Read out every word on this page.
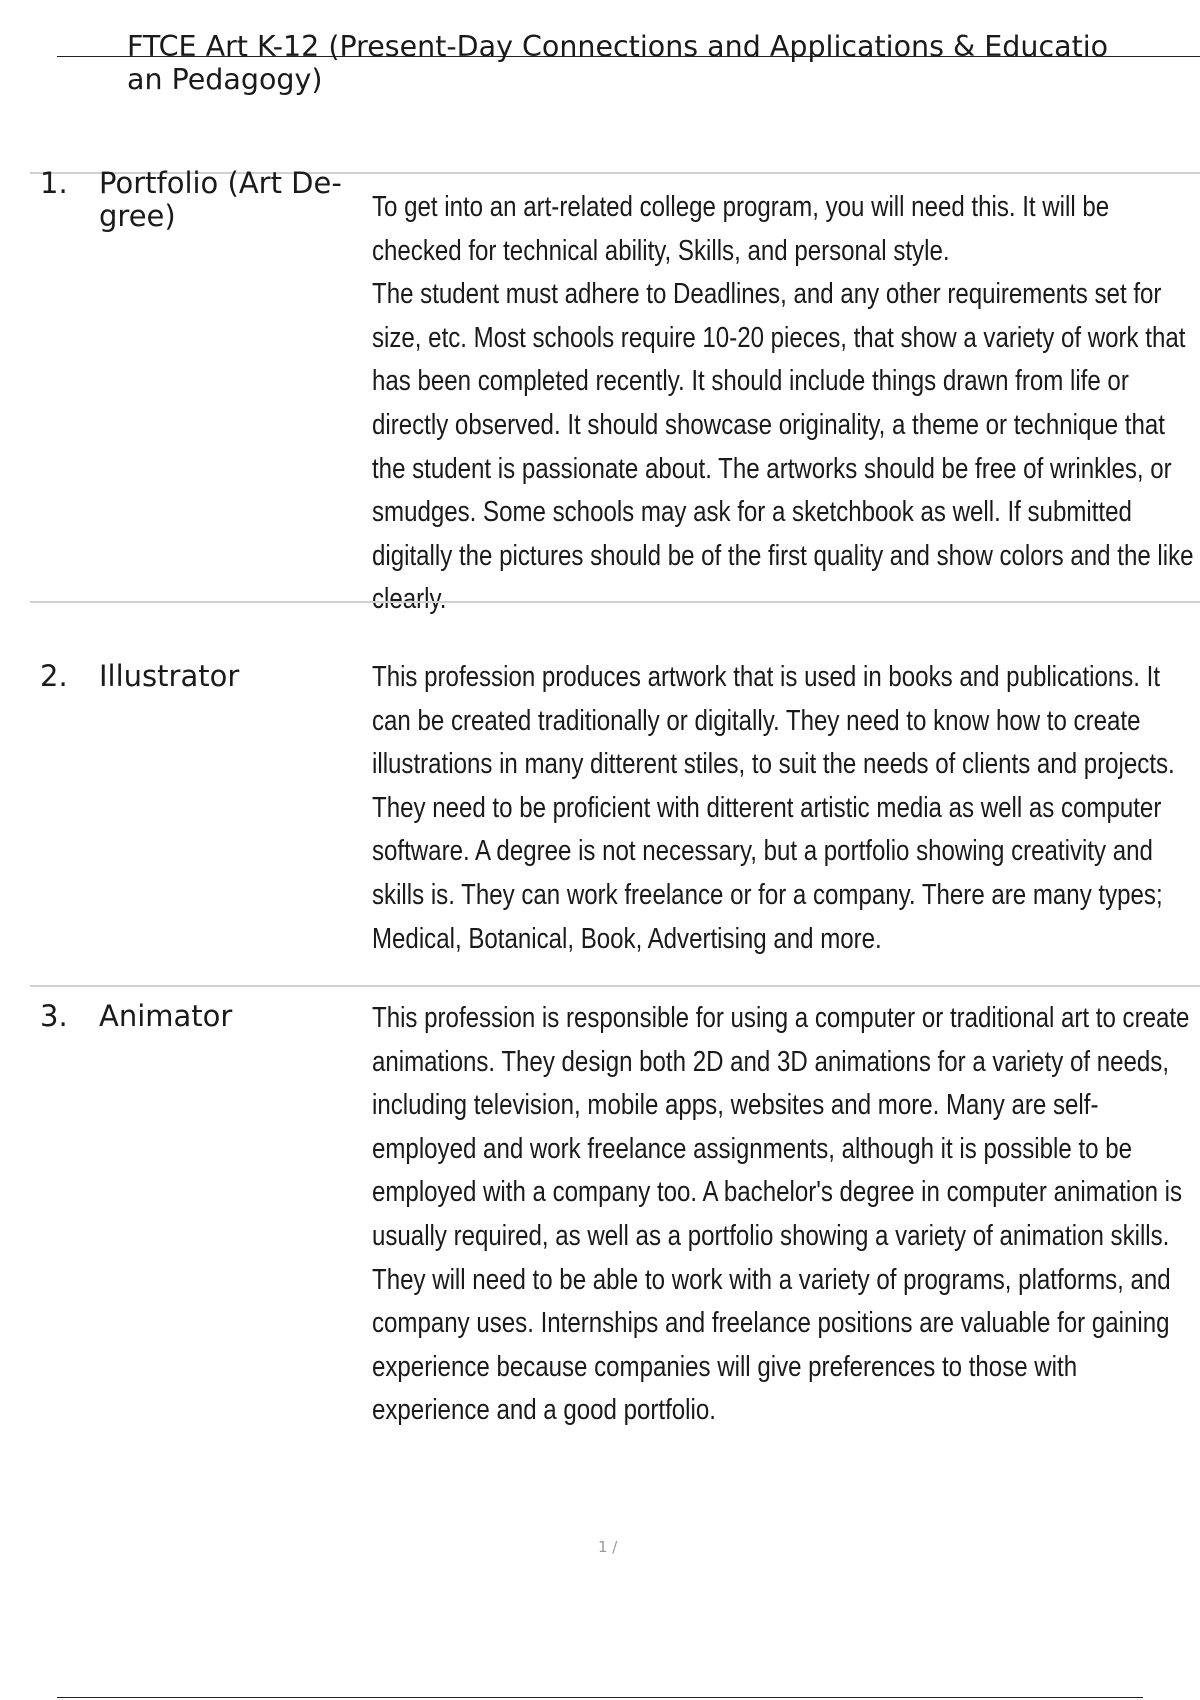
FTCE Art K-12 (Present-Day Connections and Applications & Educatio
an Pedagogy)
1. Portfolio (Art De- gree)	To get into an art-related college program, you will need this. It will be checked for technical ability, Skills, and personal style.

The student must adhere to Deadlines, and any other requirements set for size, etc. Most schools require 10-20 pieces, that show a variety of work that has been completed recently. It should include things drawn from life or directly observed. It should showcase originality, a theme or technique that the student is passionate about. The artworks should be free of wrinkles, or smudges. Some schools may ask for a sketchbook as well. If submitted digitally the pictures should be of the first quality and show colors and the like clearly.

2. Illustrator	This profession produces artwork that is used in books and publications. It can be created traditionally or digitally. They need to know how to create illustrations in many ditterent stiles, to suit the needs of clients and projects. They need to be proficient with ditterent artistic media as well as computer software. A degree is not necessary, but a portfolio showing creativity and skills is. They can work freelance or for a company. There are many types; Medical, Botanical, Book, Advertising and more.

3. Animator	This profession is responsible for using a computer or traditional art to create animations. They design both 2D and 3D animations for a variety of needs, including television, mobile apps, websites and more. Many are self-employed and work freelance assignments, although it is possible to be employed with a company too. A bachelor's degree in computer animation is usually required, as well as a portfolio showing a variety of animation skills. They will need to be able to work with a variety of programs, platforms, and company uses. Internships and freelance positions are valuable for gaining experience because companies will give preferences to those with experience and a good portfolio.

1 /
